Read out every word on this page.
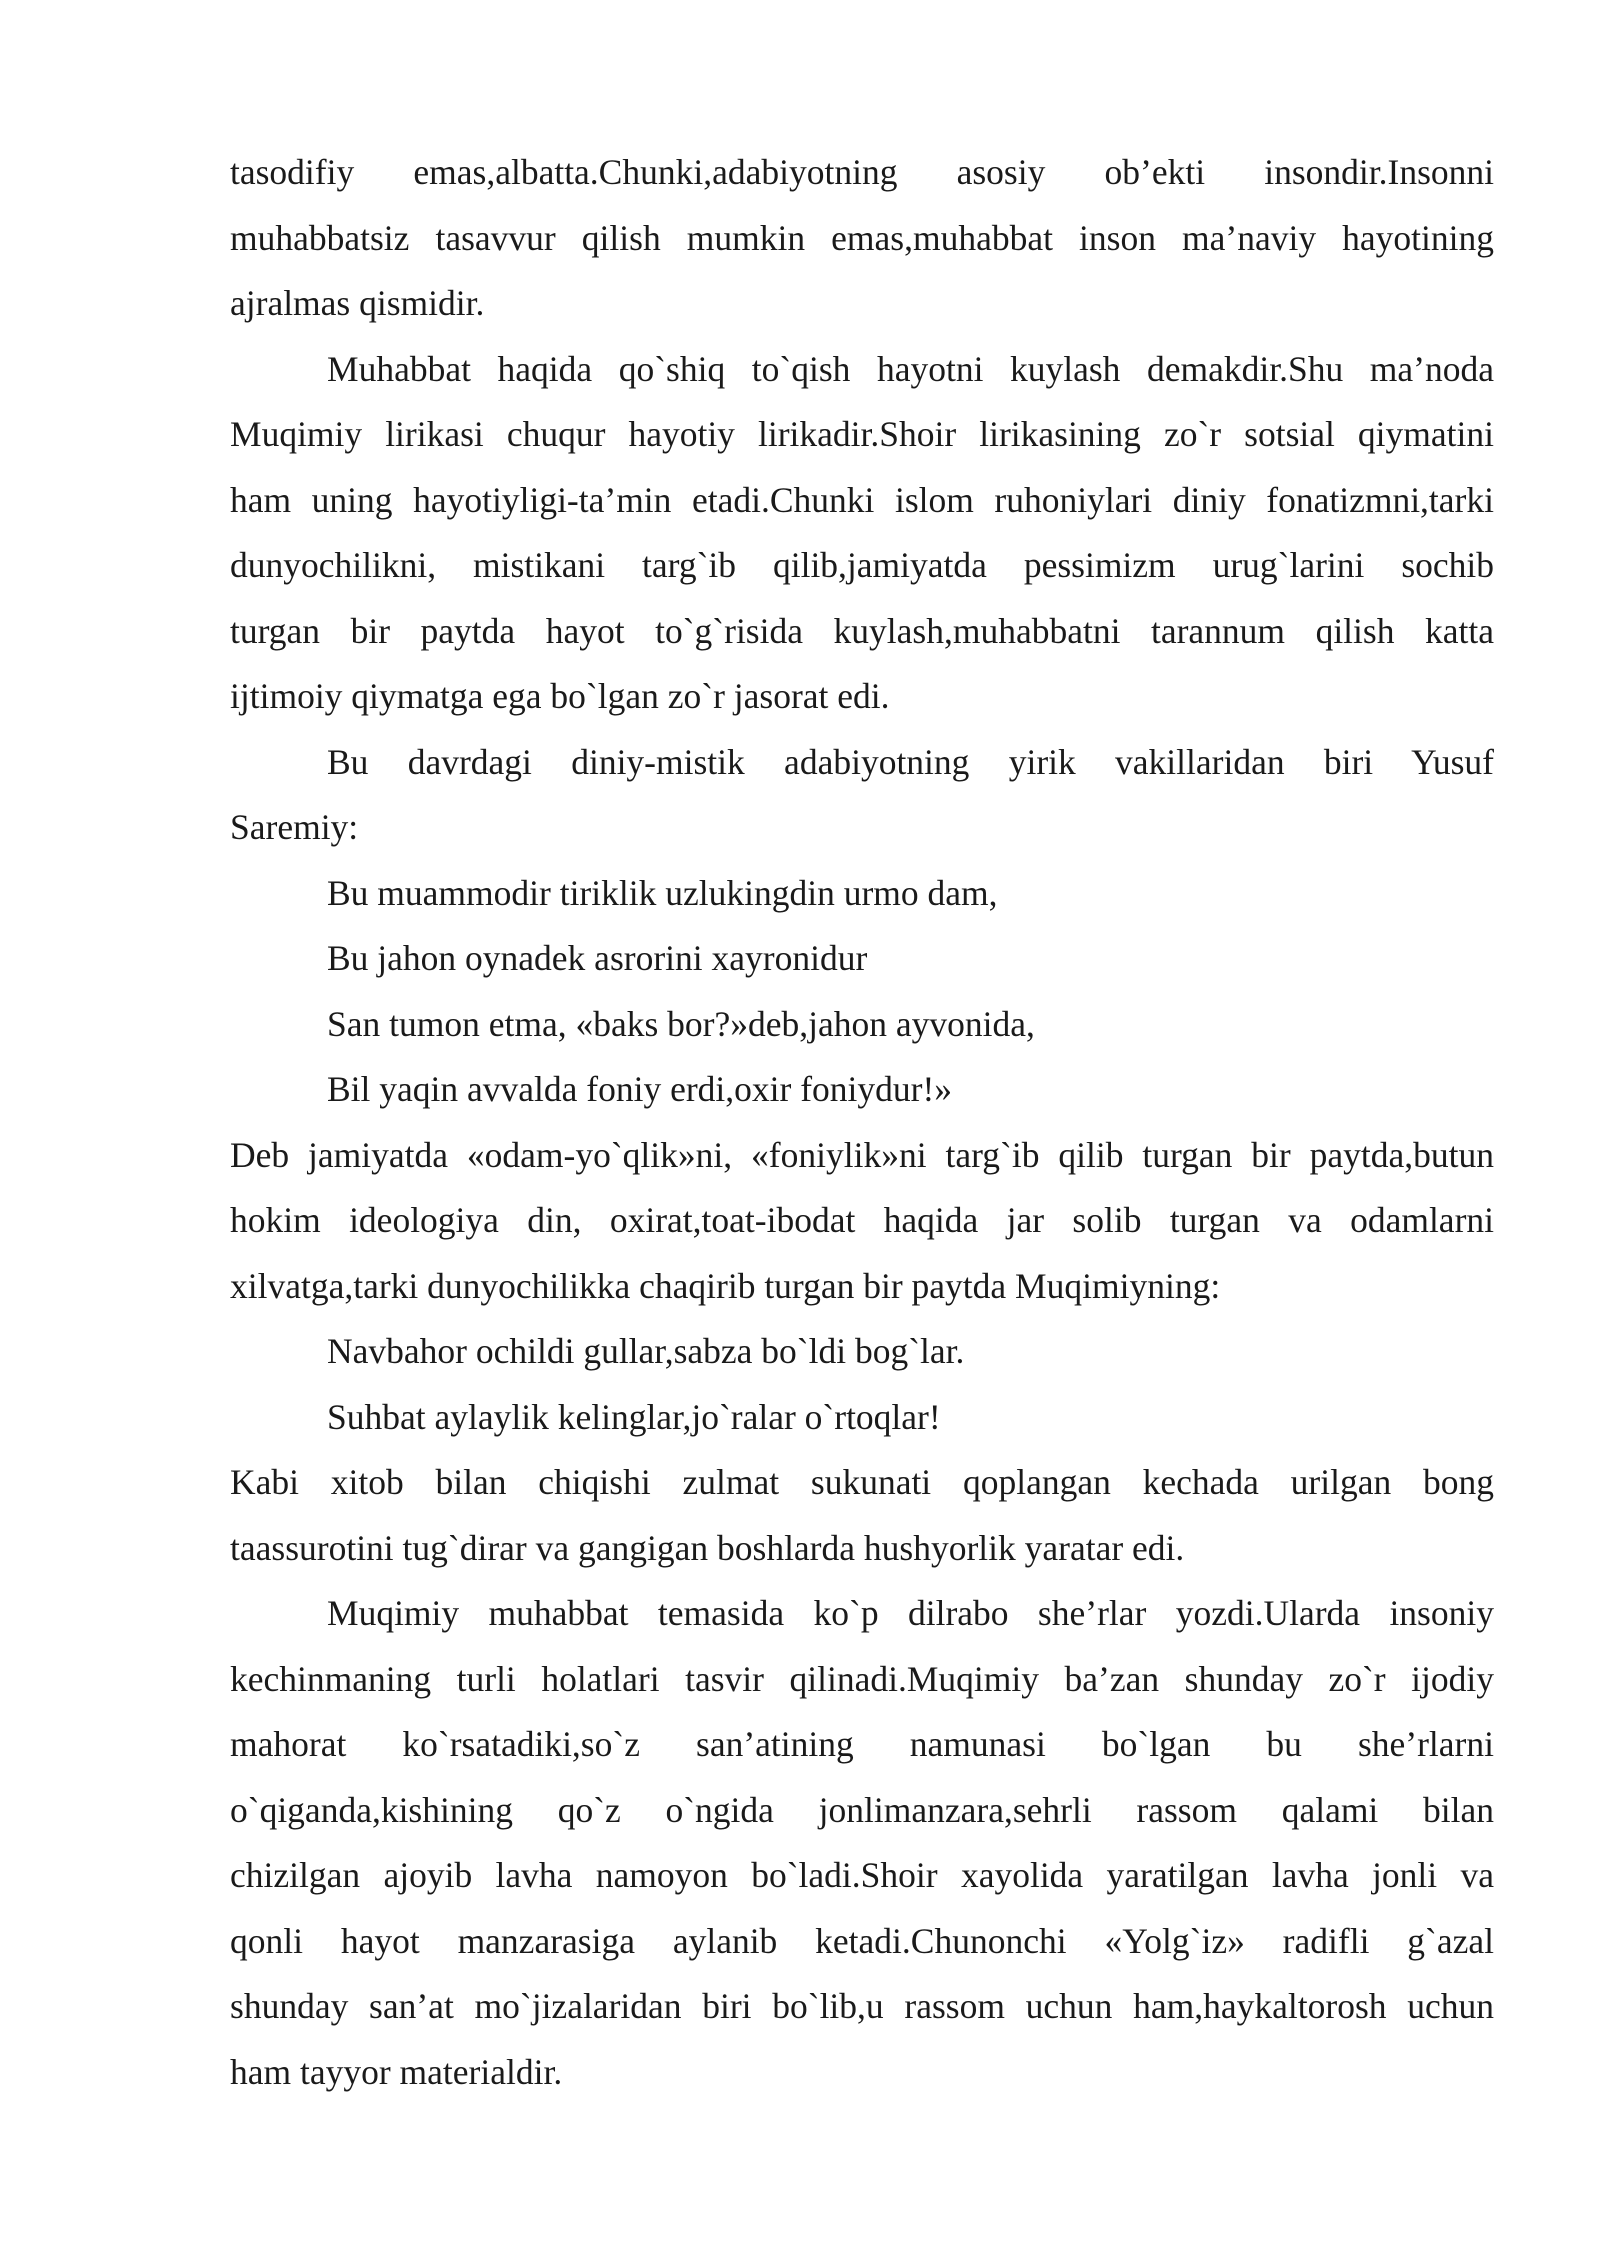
tasodifiy emas,albatta.Chunki,adabiyotning asosiy ob’ekti insondir.Insonni
muhabbatsiz tasavvur qilish mumkin emas,muhabbat inson ma’naviy hayotining
ajralmas qismidir.

Muhabbat haqida qo`shiq to`qish hayotni kuylash demakdir.Shu ma’noda
Muqimiy lirikasi chuqur hayotiy lirikadir.Shoir lirikasining zo`r sotsial qiymatini
ham uning hayotiyligi-ta’min etadi.Chunki islom ruhoniylari diniy fonatizmni,tarki
dunyochilikni, mistikani targ`ib qilib,jamiyatda pessimizm urug`larini sochib
turgan bir paytda hayot to`g`risida kuylash,muhabbatni tarannum qilish katta
ijtimoiy qiymatga ega bo`lgan zo`r jasorat edi.

Bu davrdagi diniy-mistik adabiyotning yirik vakillaridan biri Yusuf
Saremiy:

Bu muammodir tiriklik uzlukingdin urmo dam,

Bu jahon oynadek asrorini xayronidur

San tumon etma, «baks bor?»deb,jahon ayvonida,

Bil yaqin avvalda foniy erdi,oxir foniydur!»

Deb jamiyatda «odam-yo`qlik»ni, «foniylik»ni targ`ib qilib turgan bir paytda,butun
hokim ideologiya din, oxirat,toat-ibodat haqida jar solib turgan va odamlarni
xilvatga,tarki dunyochilikka chaqirib turgan bir paytda Muqimiyning:

Navbahor ochildi gullar,sabza bo`ldi bog`lar.

Suhbat aylaylik kelinglar,jo`ralar o`rtoqlar!

Kabi xitob bilan chiqishi zulmat sukunati qoplangan kechada urilgan bong
taassurotini tug`dirar va gangigan boshlarda hushyorlik yaratar edi.

Muqimiy muhabbat temasida ko`p dilrabo she’rlar yozdi.Ularda insoniy
kechinmaning turli holatlari tasvir qilinadi.Muqimiy ba’zan shunday zo`r ijodiy
mahorat ko`rsatadiki,so`z san’atining namunasi bo`lgan bu she’rlarni
o`qiganda,kishining qo`z o`ngida jonlimanzara,sehrli rassom qalami bilan
chizilgan ajoyib lavha namoyon bo`ladi.Shoir xayolida yaratilgan lavha jonli va
qonli hayot manzarasiga aylanib ketadi.Chunonchi «Yolg`iz» radifli g`azal
shunday san’at mo`jizalaridan biri bo`lib,u rassom uchun ham,haykaltorosh uchun
ham tayyor materialdir.
